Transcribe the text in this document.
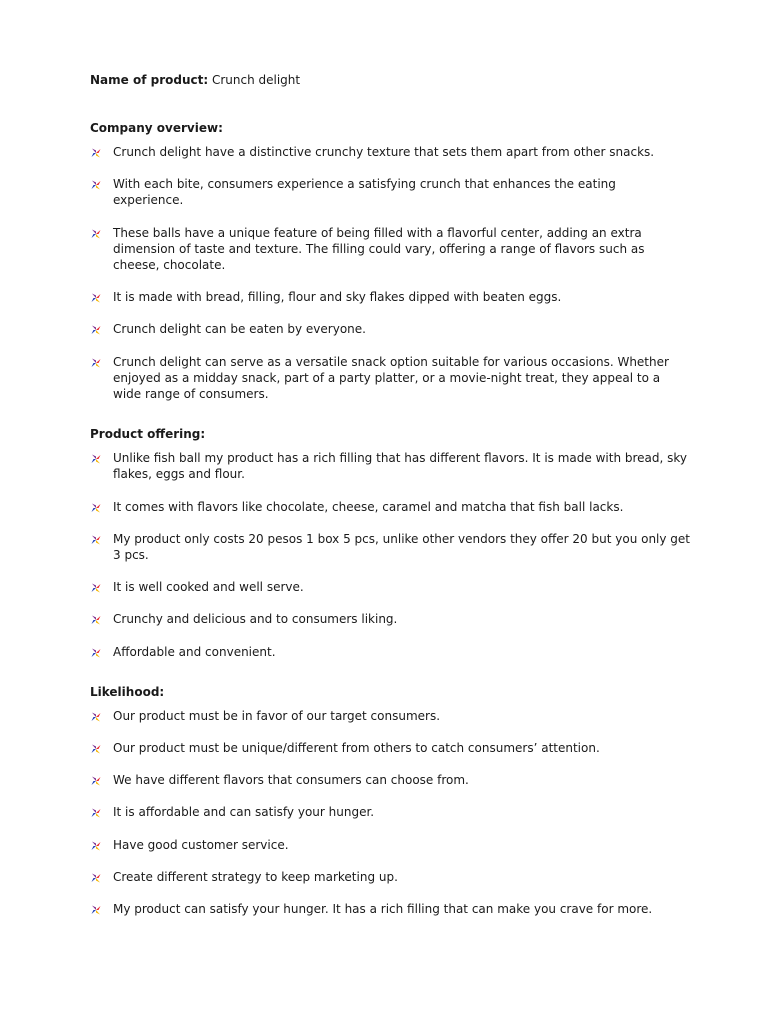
Name of product: Crunch delight
Company overview:
Crunch delight have a distinctive crunchy texture that sets them apart from other snacks.
With each bite, consumers experience a satisfying crunch that enhances the eating experience.
These balls have a unique feature of being filled with a flavorful center, adding an extra dimension of taste and texture. The filling could vary, offering a range of flavors such as cheese, chocolate.
It is made with bread, filling, flour and sky flakes dipped with beaten eggs.
Crunch delight can be eaten by everyone.
Crunch delight can serve as a versatile snack option suitable for various occasions. Whether enjoyed as a midday snack, part of a party platter, or a movie-night treat, they appeal to a wide range of consumers.
Product offering:
Unlike fish ball my product has a rich filling that has different flavors. It is made with bread, sky flakes, eggs and flour.
It comes with flavors like chocolate, cheese, caramel and matcha that fish ball lacks.
My product only costs 20 pesos 1 box 5 pcs, unlike other vendors they offer 20 but you only get 3 pcs.
It is well cooked and well serve.
Crunchy and delicious and to consumers liking.
Affordable and convenient.
Likelihood:
Our product must be in favor of our target consumers.
Our product must be unique/different from others to catch consumers’ attention.
We have different flavors that consumers can choose from.
It is affordable and can satisfy your hunger.
Have good customer service.
Create different strategy to keep marketing up.
My product can satisfy your hunger. It has a rich filling that can make you crave for more.
